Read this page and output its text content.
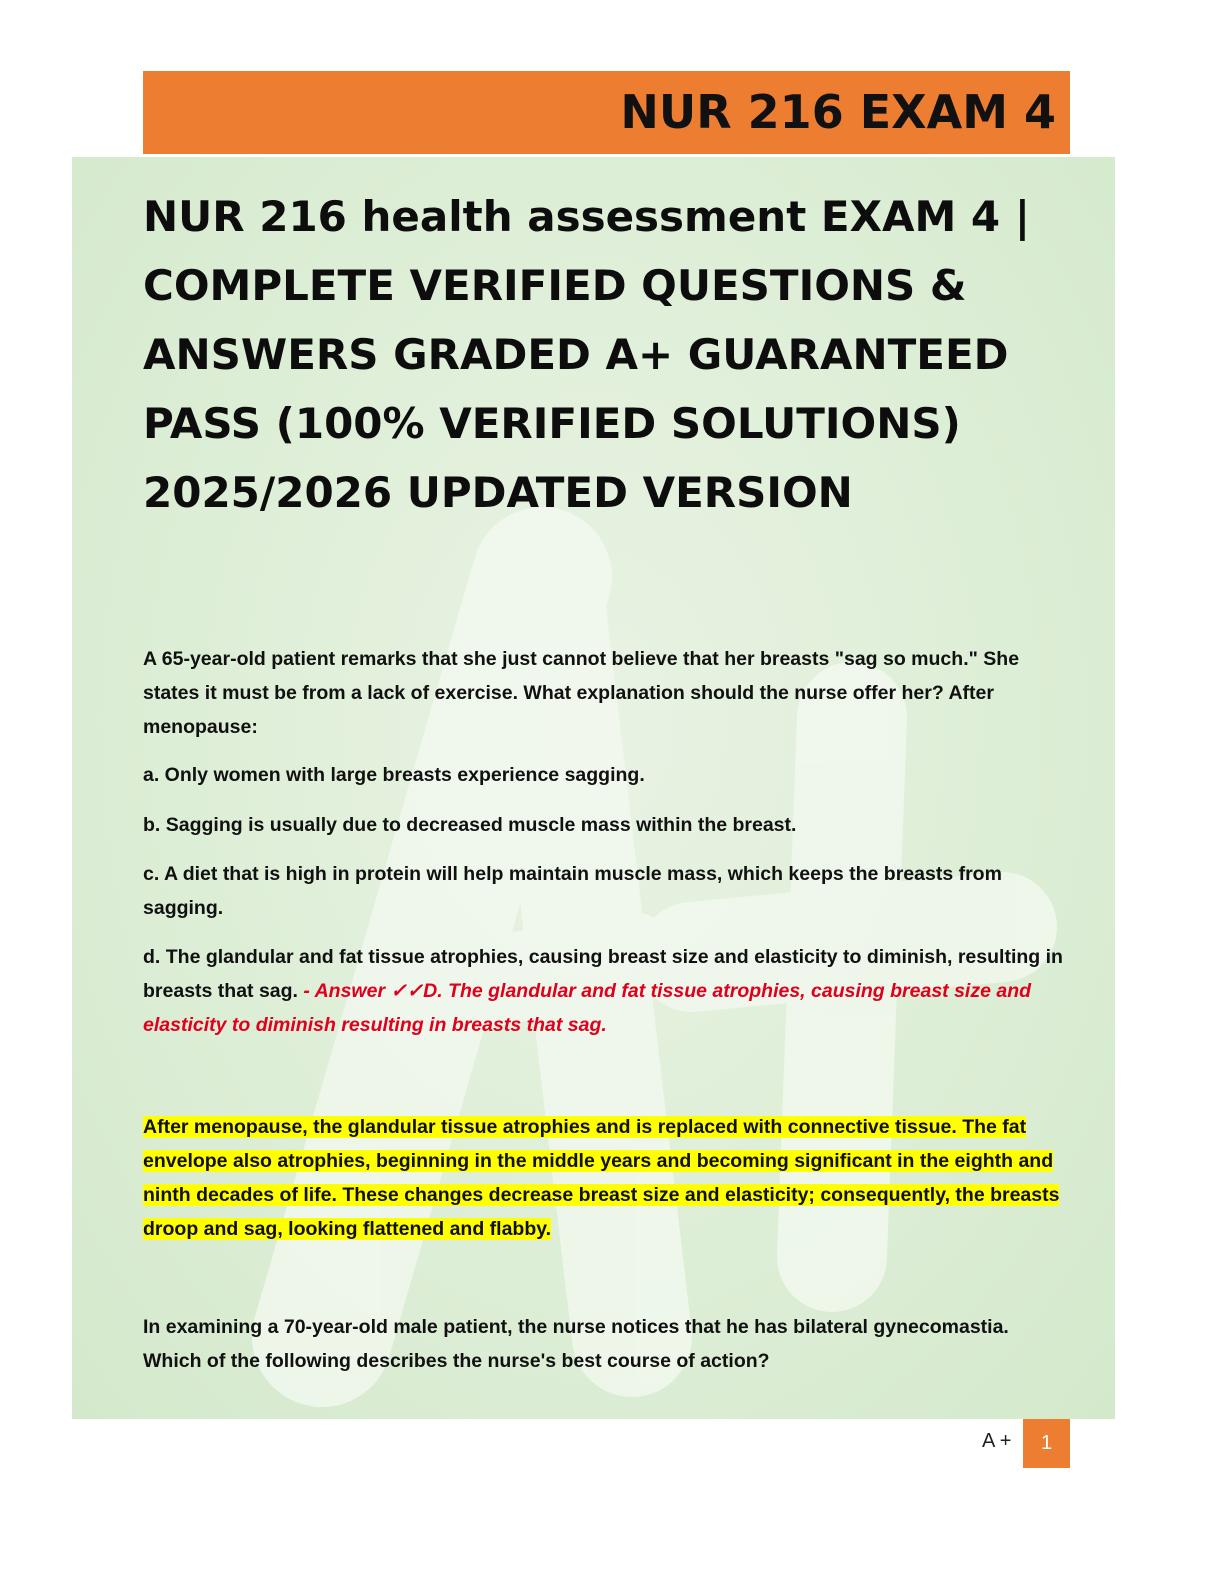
NUR 216 EXAM 4
NUR 216 health assessment EXAM 4 |
COMPLETE VERIFIED QUESTIONS &
ANSWERS GRADED A+ GUARANTEED
PASS (100% VERIFIED SOLUTIONS)
2025/2026 UPDATED VERSION

A 65-year-old patient remarks that she just cannot believe that her breasts "sag so much." She states it must be from a lack of exercise. What explanation should the nurse offer her? After menopause:

a. Only women with large breasts experience sagging.

b. Sagging is usually due to decreased muscle mass within the breast.

c. A diet that is high in protein will help maintain muscle mass, which keeps the breasts from sagging.

d. The glandular and fat tissue atrophies, causing breast size and elasticity to diminish, resulting in breasts that sag. - Answer ✓✓D. The glandular and fat tissue atrophies, causing breast size and elasticity to diminish resulting in breasts that sag.

After menopause, the glandular tissue atrophies and is replaced with connective tissue. The fat envelope also atrophies, beginning in the middle years and becoming significant in the eighth and ninth decades of life. These changes decrease breast size and elasticity; consequently, the breasts droop and sag, looking flattened and flabby.

In examining a 70-year-old male patient, the nurse notices that he has bilateral gynecomastia. Which of the following describes the nurse's best course of action?

A +	1
